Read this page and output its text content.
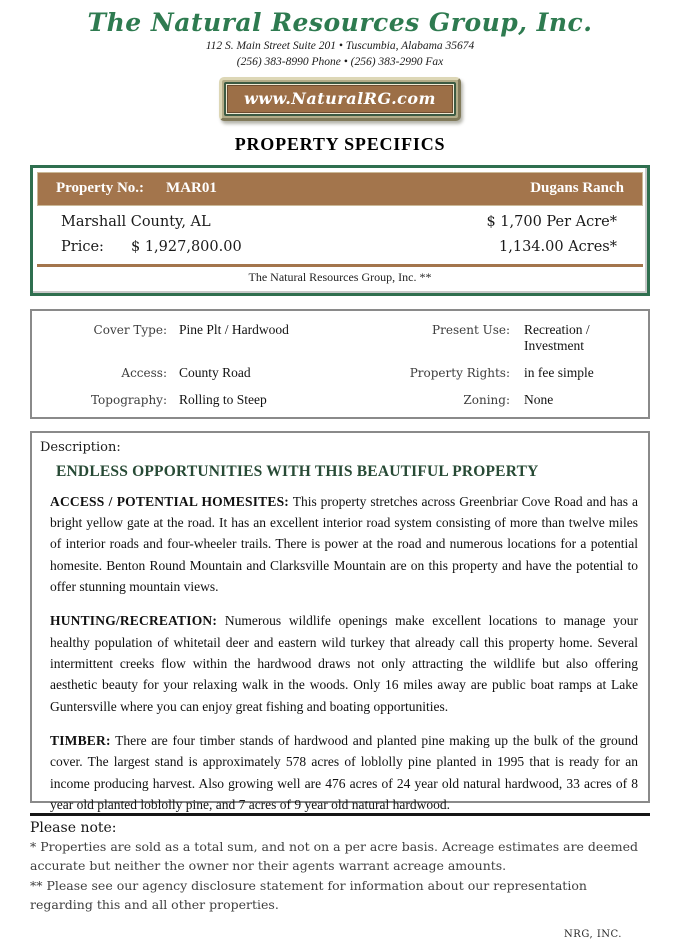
The Natural Resources Group, Inc.
112 S. Main Street Suite 201 • Tuscumbia, Alabama 35674
(256) 383-8990 Phone • (256) 383-2990 Fax
www.NaturalRG.com
PROPERTY SPECIFICS
Property No.: MAR01	Dugans Ranch
Marshall County, AL	$ 1,700 Per Acre*
Price:	$ 1,927,800.00	1,134.00 Acres*
The Natural Resources Group, Inc. **
Cover Type: Pine Plt / Hardwood	Present Use:	Recreation / Investment
Access: County Road	Property Rights:	in fee simple
Topography: Rolling to Steep	Zoning:	None
Description:
ENDLESS OPPORTUNITIES WITH THIS BEAUTIFUL PROPERTY

ACCESS / POTENTIAL HOMESITES: This property stretches across Greenbriar Cove Road and has a bright yellow gate at the road. It has an excellent interior road system consisting of more than twelve miles of interior roads and four-wheeler trails. There is power at the road and numerous locations for a potential homesite. Benton Round Mountain and Clarksville Mountain are on this property and have the potential to offer stunning mountain views.

HUNTING/RECREATION: Numerous wildlife openings make excellent locations to manage your healthy population of whitetail deer and eastern wild turkey that already call this property home. Several intermittent creeks flow within the hardwood draws not only attracting the wildlife but also offering aesthetic beauty for your relaxing walk in the woods. Only 16 miles away are public boat ramps at Lake Guntersville where you can enjoy great fishing and boating opportunities.

TIMBER: There are four timber stands of hardwood and planted pine making up the bulk of the ground cover. The largest stand is approximately 578 acres of loblolly pine planted in 1995 that is ready for an income producing harvest. Also growing well are 476 acres of 24 year old natural hardwood, 33 acres of 8 year old planted loblolly pine, and 7 acres of 9 year old natural hardwood.

Please note:
* Properties are sold as a total sum, and not on a per acre basis. Acreage estimates are deemed accurate but neither the owner nor their agents warrant acreage amounts.
** Please see our agency disclosure statement for information about our representation regarding this and all other properties.
NRG, INC.
